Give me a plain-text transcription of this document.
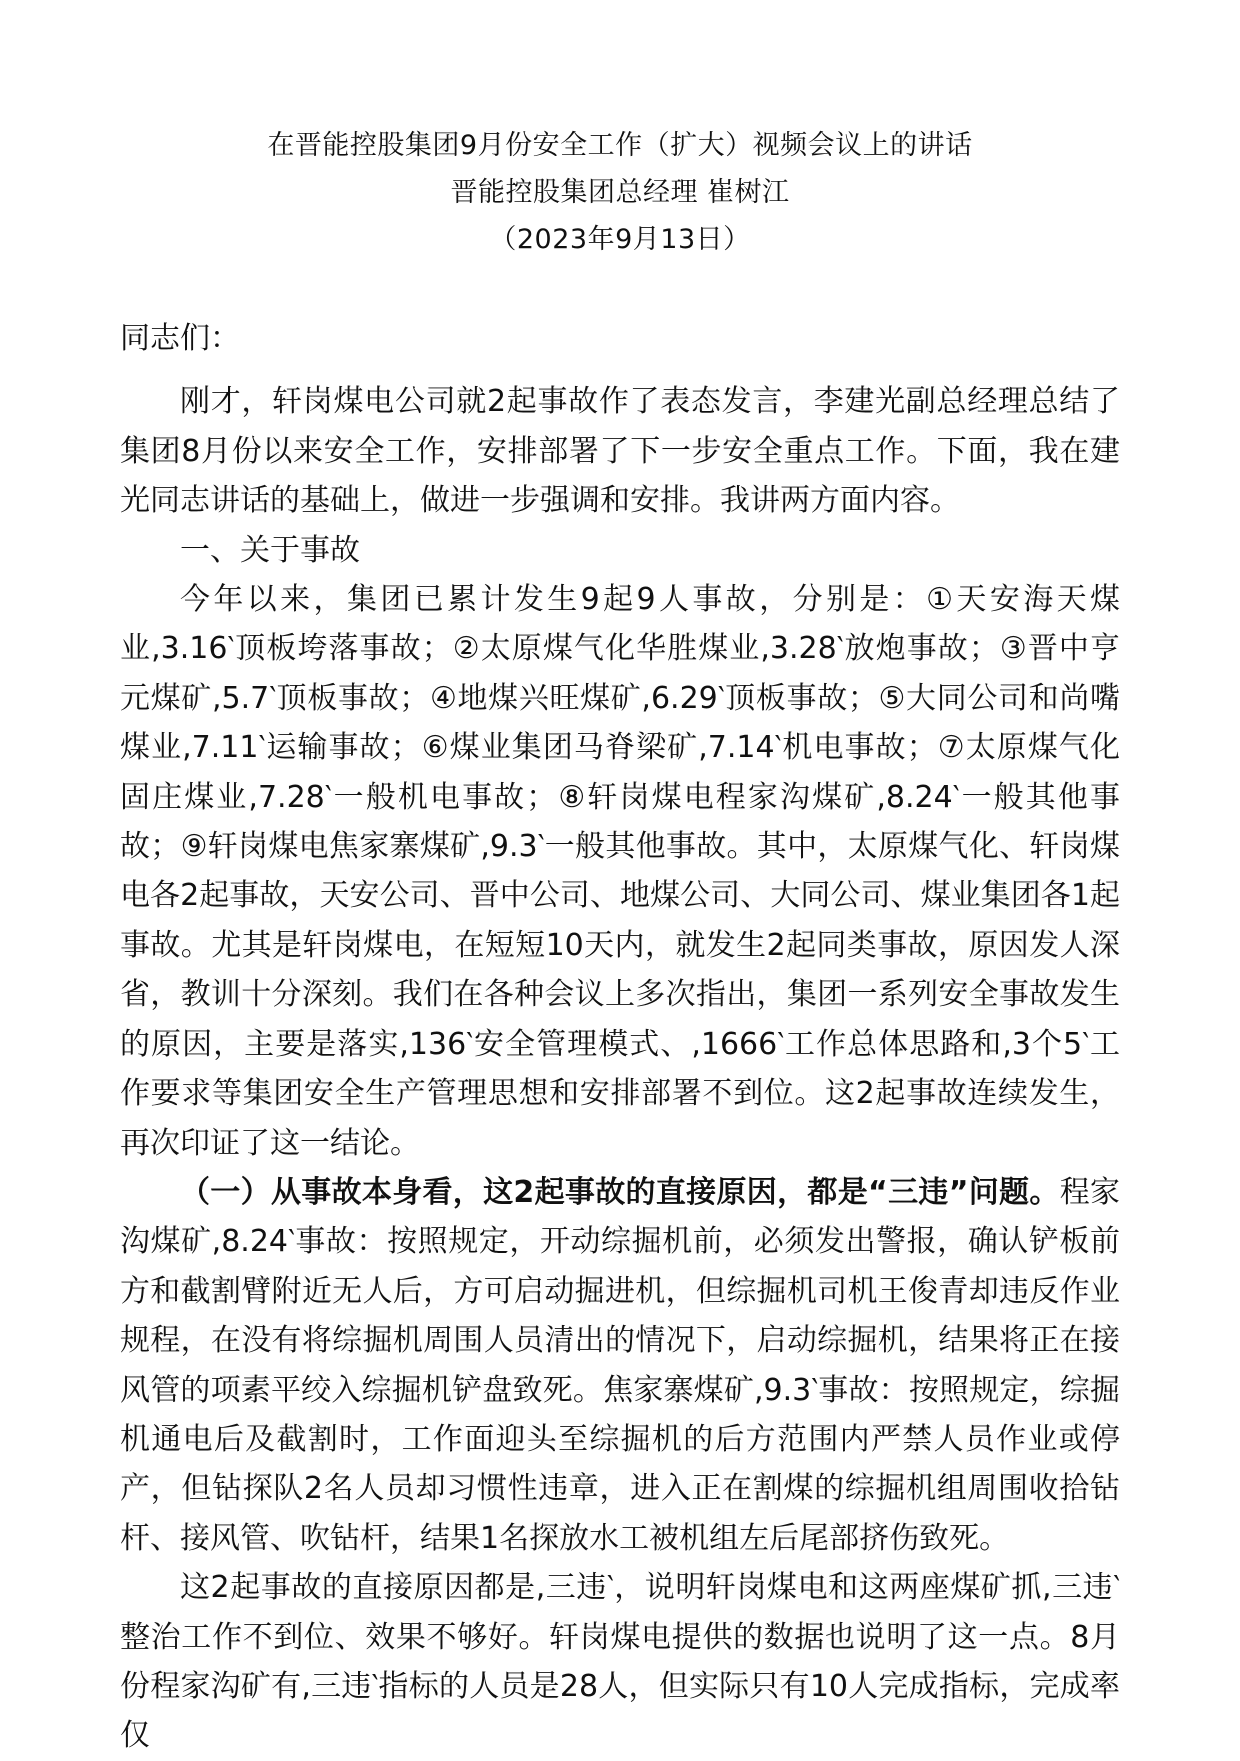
在晋能控股集团9月份安全工作（扩大）视频会议上的讲话
晋能控股集团总经理 崔树江
（2023年9月13日）

同志们：

刚才，轩岗煤电公司就2起事故作了表态发言，李建光副总经理总结了集团8月份以来安全工作，安排部署了下一步安全重点工作。下面，我在建光同志讲话的基础上，做进一步强调和安排。我讲两方面内容。

一、关于事故

今年以来，集团已累计发生9起9人事故，分别是：①天安海天煤业,3.16‵顶板垮落事故；②太原煤气化华胜煤业,3.28‵放炮事故；③晋中亨元煤矿,5.7‵顶板事故；④地煤兴旺煤矿,6.29‵顶板事故；⑤大同公司和尚嘴煤业,7.11‵运输事故；⑥煤业集团马脊梁矿,7.14‵机电事故；⑦太原煤气化固庄煤业,7.28‵一般机电事故；⑧轩岗煤电程家沟煤矿,8.24‵一般其他事故；⑨轩岗煤电焦家寨煤矿,9.3‵一般其他事故。其中，太原煤气化、轩岗煤电各2起事故，天安公司、晋中公司、地煤公司、大同公司、煤业集团各1起事故。尤其是轩岗煤电，在短短10天内，就发生2起同类事故，原因发人深省，教训十分深刻。我们在各种会议上多次指出，集团一系列安全事故发生的原因，主要是落实,136‵安全管理模式、,1666‵工作总体思路和,3个5‵工作要求等集团安全生产管理思想和安排部署不到位。这2起事故连续发生，再次印证了这一结论。

（一）从事故本身看，这2起事故的直接原因，都是“三违”问题。程家沟煤矿,8.24‵事故：按照规定，开动综掘机前，必须发出警报，确认铲板前方和截割臂附近无人后，方可启动掘进机，但综掘机司机王俊青却违反作业规程，在没有将综掘机周围人员清出的情况下，启动综掘机，结果将正在接风管的项素平绞入综掘机铲盘致死。焦家寨煤矿,9.3‵事故：按照规定，综掘机通电后及截割时，工作面迎头至综掘机的后方范围内严禁人员作业或停产，但钻探队2名人员却习惯性违章，进入正在割煤的综掘机组周围收拾钻杆、接风管、吹钻杆，结果1名探放水工被机组左后尾部挤伤致死。

这2起事故的直接原因都是,三违‵，说明轩岗煤电和这两座煤矿抓,三违‵整治工作不到位、效果不够好。轩岗煤电提供的数据也说明了这一点。8月份程家沟矿有,三违‵指标的人员是28人，但实际只有10人完成指标，完成率仅
